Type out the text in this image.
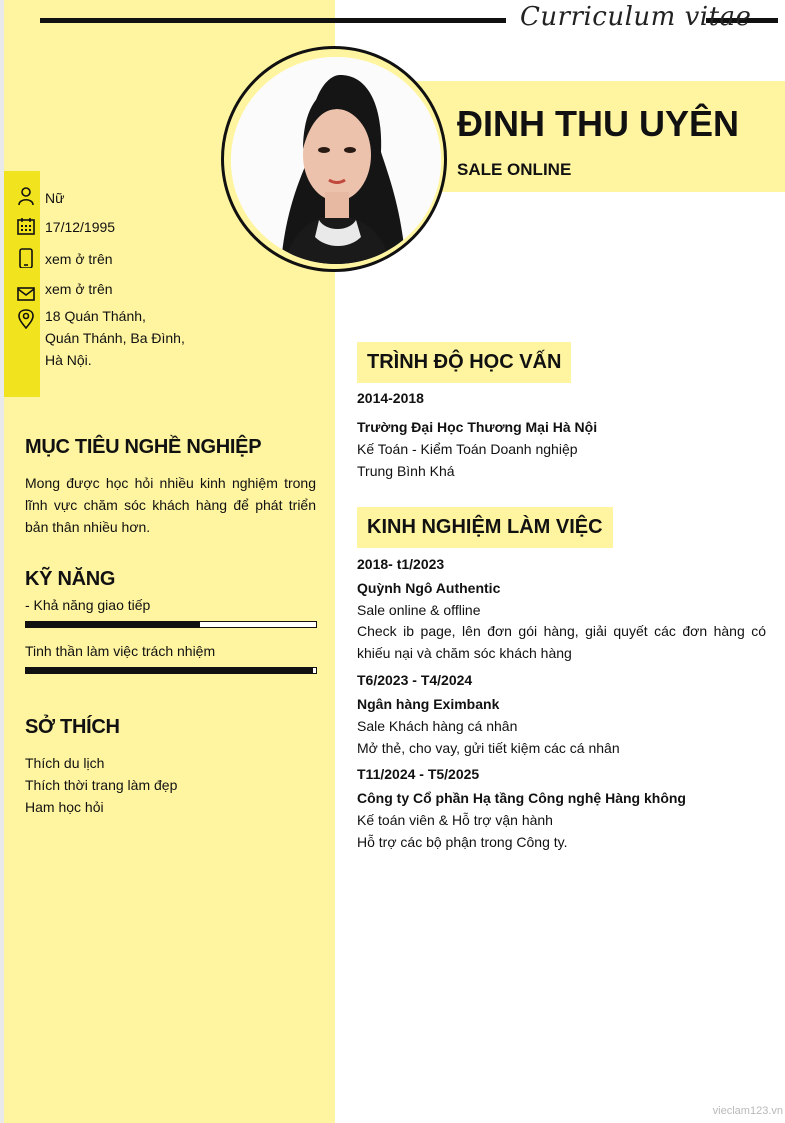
Curriculum vitae
ĐINH THU UYÊN
SALE ONLINE
Nữ
17/12/1995
xem ở trên
xem ở trên
18 Quán Thánh,
Quán Thánh, Ba Đình,
Hà Nội.
MỤC TIÊU NGHỀ NGHIỆP
Mong được học hỏi nhiều kinh nghiệm trong lĩnh vực chăm sóc khách hàng để phát triển bản thân nhiều hơn.
KỸ NĂNG
- Khả năng giao tiếp
Tinh thần làm việc trách nhiệm
SỞ THÍCH
Thích du lịch
Thích thời trang làm đẹp
Ham học hỏi
TRÌNH ĐỘ HỌC VẤN
2014-2018
Trường Đại Học Thương Mại Hà Nội
Kế Toán - Kiểm Toán Doanh nghiệp
Trung Bình Khá
KINH NGHIỆM LÀM VIỆC
2018- t1/2023
Quỳnh Ngô Authentic
Sale online & offline
Check ib page, lên đơn gói hàng, giải quyết các đơn hàng có khiếu nại và chăm sóc khách hàng
T6/2023 - T4/2024
Ngân hàng Eximbank
Sale Khách hàng cá nhân
Mở thẻ, cho vay, gửi tiết kiệm các cá nhân
T11/2024 - T5/2025
Công ty Cổ phần Hạ tầng Công nghệ Hàng không
Kế toán viên & Hỗ trợ vận hành
Hỗ trợ các bộ phận trong Công ty.
vieclam123.vn
